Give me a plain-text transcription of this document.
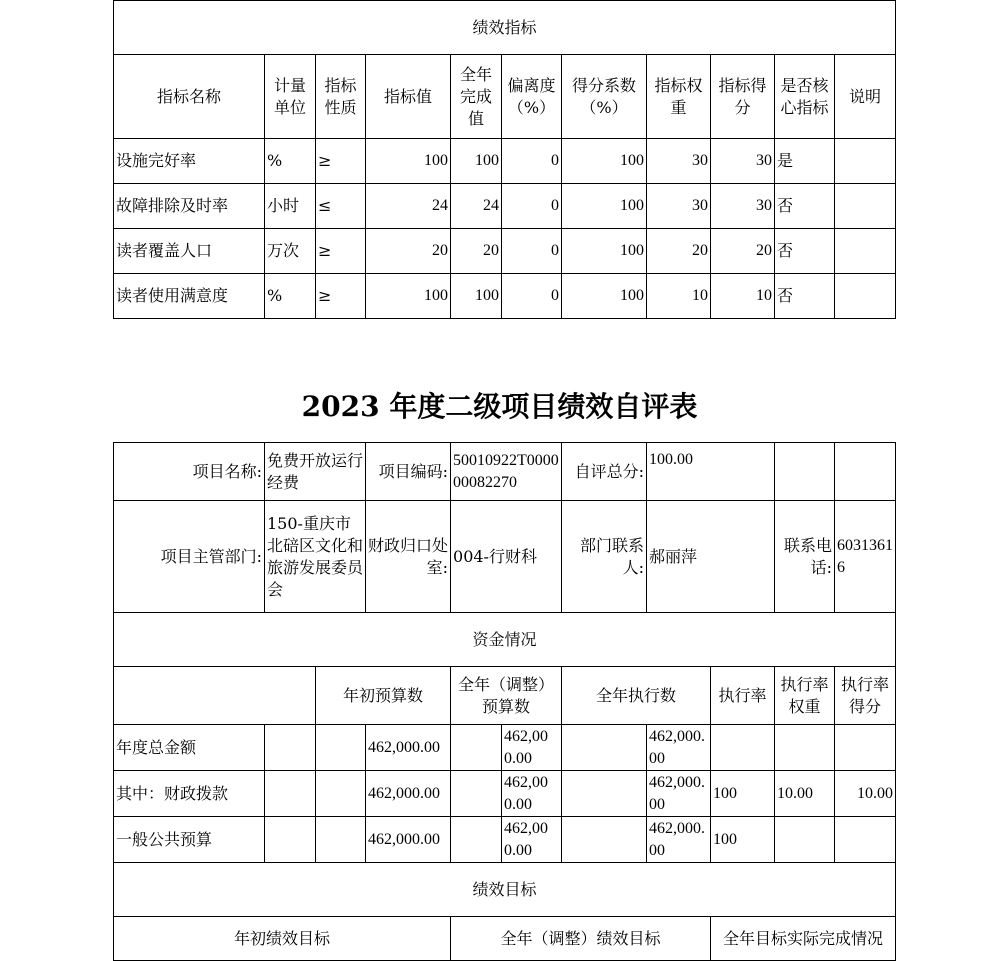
绩效指标										
指标名称	计量单位	指标性质	指标值	全年完成值	偏离度（%）	得分系数（%）	指标权重	指标得分	是否核心指标	说明
设施完好率	%	≥	100	100	0	100	30	30	是	
故障排除及时率	小时	≤	24	24	0	100	30	30	否	
读者覆盖人口	万次	≥	20	20	0	100	20	20	否	
读者使用满意度	%	≥	100	100	0	100	10	10	否	
2023 年度二级项目绩效自评表
项目名称:	免费开放运行经费		项目编码:	50010922T000000082270		自评总分:	100.00			
项目主管部门:	150-重庆市北碚区文化和旅游发展委员会		财政归口处室:	004-行财科		部门联系人:	郝丽萍		联系电话:	60313616
资金情况										
		年初预算数		全年（调整）预算数		全年执行数		执行率	执行率权重	执行率得分
年度总金额			462,000.00		462,000.00		462,000.00			
其中：财政拨款			462,000.00		462,000.00		462,000.00	100	10.00	10.00
一般公共预算			462,000.00		462,000.00		462,000.00	100		
绩效目标										
年初绩效目标				全年（调整）绩效目标				全年目标实际完成情况		
